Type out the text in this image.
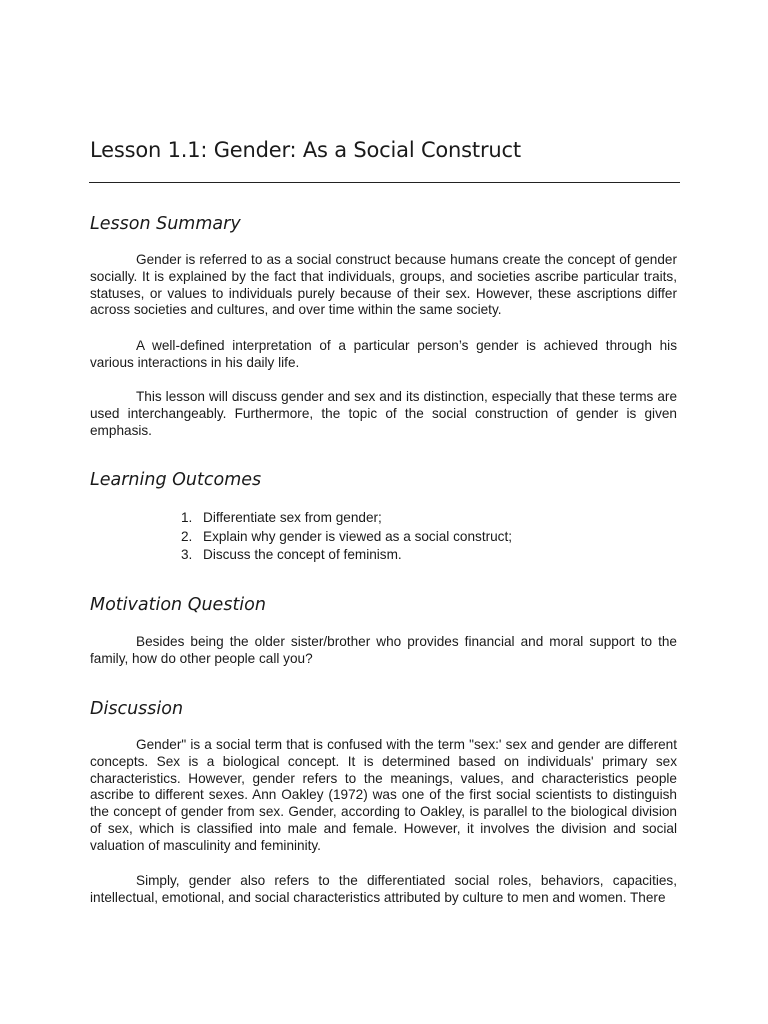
Lesson 1.1: Gender: As a Social Construct
Lesson Summary

Gender is referred to as a social construct because humans create the concept of gender socially. It is explained by the fact that individuals, groups, and societies ascribe particular traits, statuses, or values to individuals purely because of their sex. However, these ascriptions differ across societies and cultures, and over time within the same society.

A well-defined interpretation of a particular person’s gender is achieved through his various interactions in his daily life.

This lesson will discuss gender and sex and its distinction, especially that these terms are used interchangeably. Furthermore, the topic of the social construction of gender is given emphasis.

Learning Outcomes
1. Differentiate sex from gender;
2. Explain why gender is viewed as a social construct;
3. Discuss the concept of feminism.
Motivation Question

Besides being the older sister/brother who provides financial and moral support to the family, how do other people call you?

Discussion

Gender" is a social term that is confused with the term "sex:' sex and gender are different concepts. Sex is a biological concept. It is determined based on individuals' primary sex characteristics. However, gender refers to the meanings, values, and characteristics people ascribe to different sexes. Ann Oakley (1972) was one of the first social scientists to distinguish the concept of gender from sex. Gender, according to Oakley, is parallel to the biological division of sex, which is classified into male and female. However, it involves the division and social valuation of masculinity and femininity.

Simply, gender also refers to the differentiated social roles, behaviors, capacities, intellectual, emotional, and social characteristics attributed by culture to men and women. There
